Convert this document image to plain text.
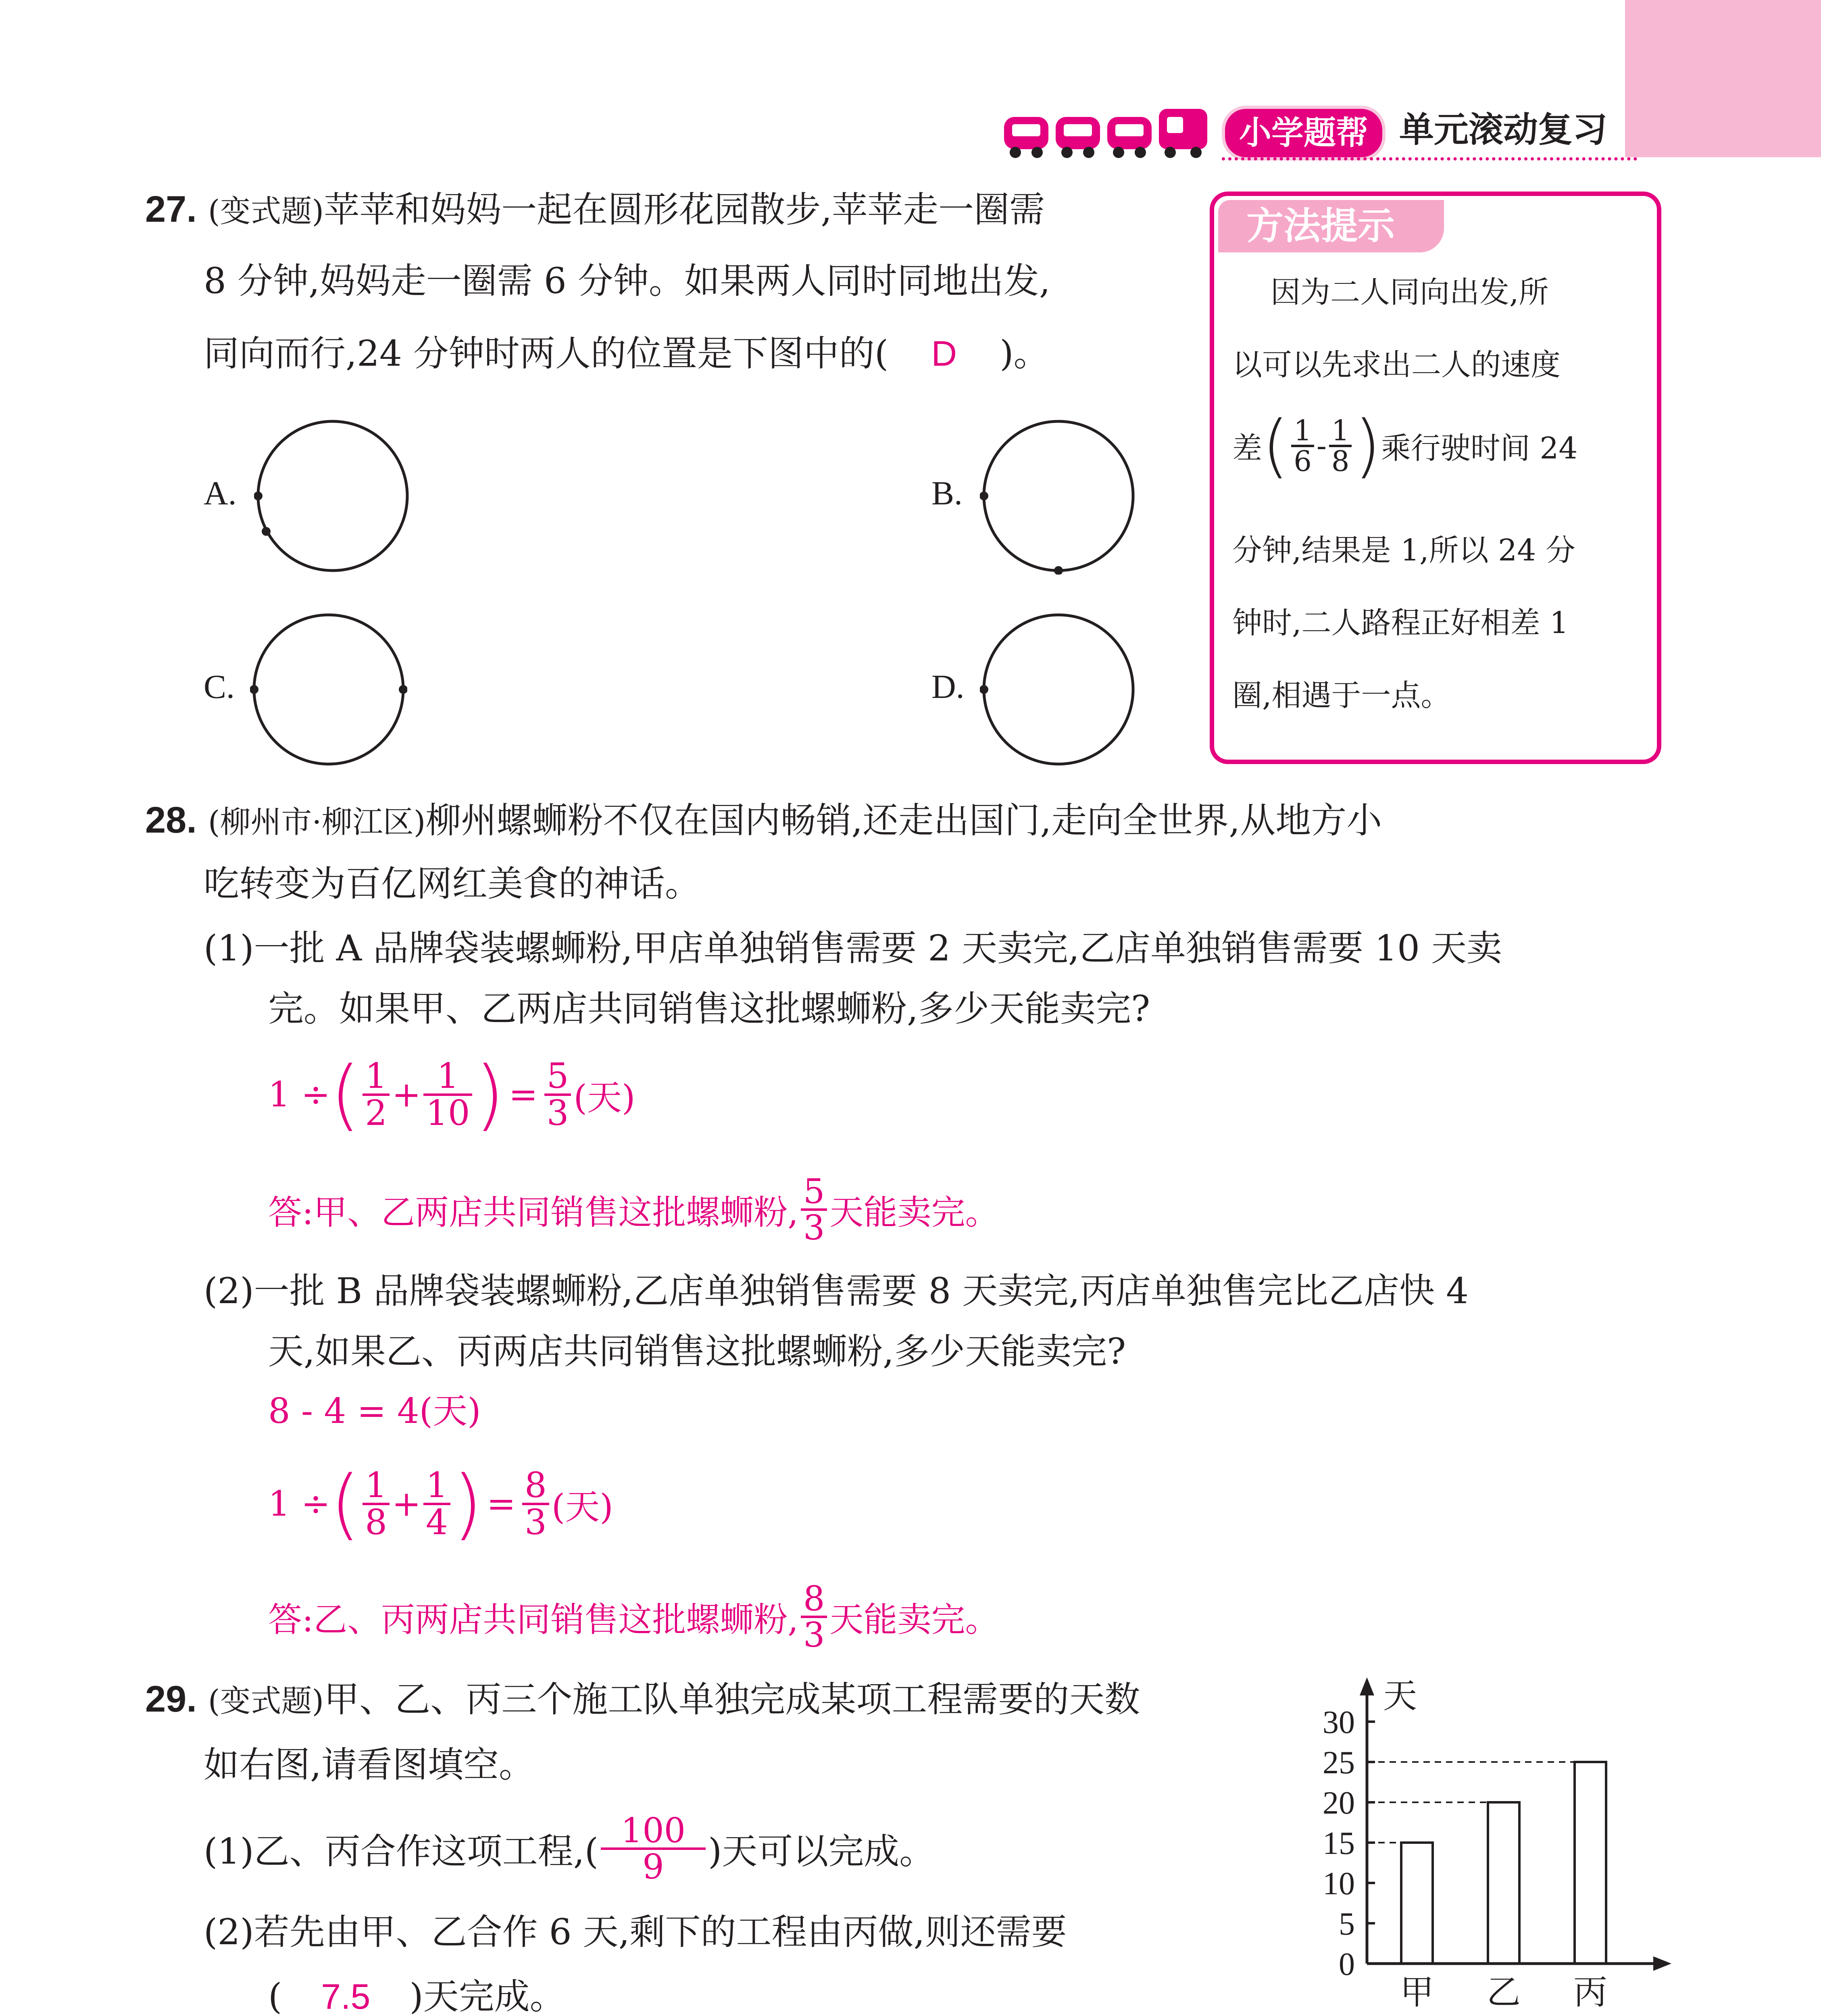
小学题帮 单元滚动复习
27. (变式题)苹苹和妈妈一起在圆形花园散步,苹苹走一圈需
8 分钟,妈妈走一圈需 6 分钟。如果两人同时同地出发,
同向而行,24 分钟时两人的位置是下图中的( D )。
A.	B.
C.	D.
方法提示
因为二人同向出发,所
以可以先求出二人的速度
差 ( $\frac{1}{6} - \frac{1}{8}$ ) 乘行驶时间 24
分钟,结果是 1,所以 24 分
钟时,二人路程正好相差 1
圈,相遇于一点。
28. (柳州市·柳江区)柳州螺蛳粉不仅在国内畅销,还走出国门,走向全世界,从地方小
吃转变为百亿网红美食的神话。
(1)一批 A 品牌袋装螺蛳粉,甲店单独销售需要 2 天卖完,乙店单独销售需要 10 天卖
完。如果甲、乙两店共同销售这批螺蛳粉,多少天能卖完?
1 ÷ ( $\frac{1}{2} + \frac{1}{10}$ ) = $\frac{5}{3}$ (天)
答:甲、乙两店共同销售这批螺蛳粉, $\frac{5}{3}$ 天能卖完。
(2)一批 B 品牌袋装螺蛳粉,乙店单独销售需要 8 天卖完,丙店单独售完比乙店快 4
天,如果乙、丙两店共同销售这批螺蛳粉,多少天能卖完?
8 - 4 = 4(天)
1 ÷ ( $\frac{1}{8} + \frac{1}{4}$ ) = $\frac{8}{3}$ (天)
答:乙、丙两店共同销售这批螺蛳粉, $\frac{8}{3}$ 天能卖完。
29. (变式题)甲、乙、丙三个施工队单独完成某项工程需要的天数
如右图,请看图填空。
(1)乙、丙合作这项工程,( $\frac{100}{9}$ )天可以完成。
(2)若先由甲、乙合作 6 天,剩下的工程由丙做,则还需要
( 7.5 )天完成。
天
0
5
10
15
20
25
30
甲 乙 丙
